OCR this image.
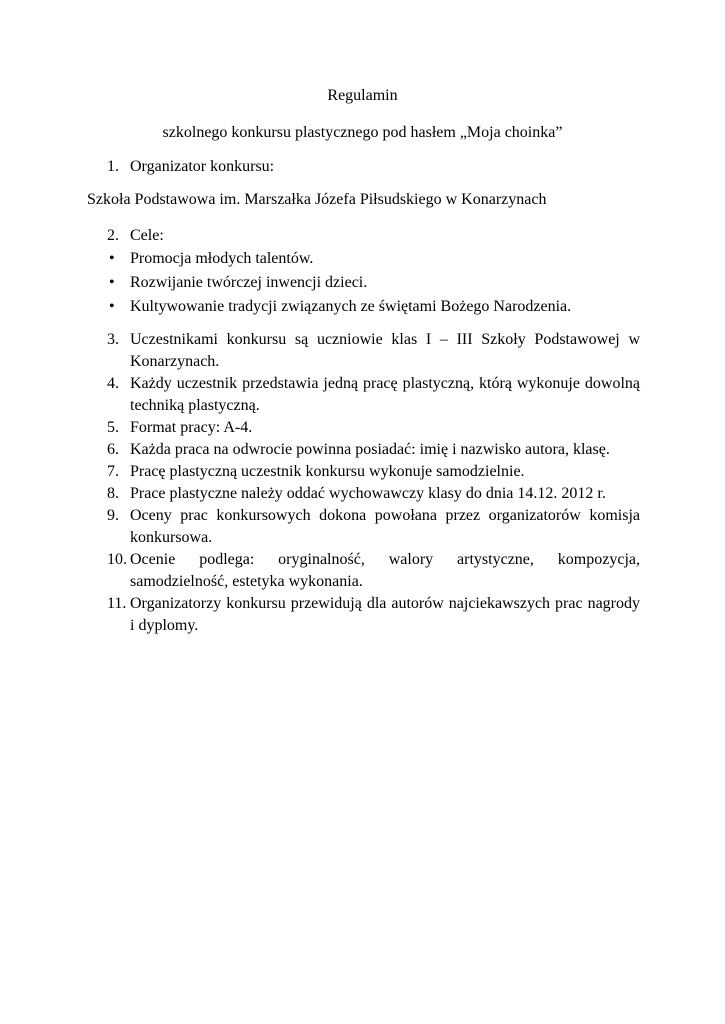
Regulamin
szkolnego konkursu plastycznego pod hasłem „Moja choinka”
1. Organizator konkursu:
Szkoła Podstawowa im. Marszałka Józefa Piłsudskiego w Konarzynach
2. Cele:
• Promocja młodych talentów.
• Rozwijanie twórczej inwencji dzieci.
• Kultywowanie tradycji związanych ze świętami Bożego Narodzenia.
3. Uczestnikami konkursu są uczniowie klas I – III Szkoły Podstawowej w Konarzynach.
4. Każdy uczestnik przedstawia jedną pracę plastyczną, którą wykonuje dowolną techniką plastyczną.
5. Format pracy: A-4.
6. Każda praca na odwrocie powinna posiadać: imię i nazwisko autora, klasę.
7. Pracę plastyczną uczestnik konkursu wykonuje samodzielnie.
8. Prace plastyczne należy oddać wychowawczy klasy do dnia 14.12. 2012 r.
9. Oceny prac konkursowych dokona powołana przez organizatorów komisja konkursowa.
10. Ocenie podlega: oryginalność, walory artystyczne, kompozycja, samodzielność, estetyka wykonania.
11. Organizatorzy konkursu przewidują dla autorów najciekawszych prac nagrody i dyplomy.
